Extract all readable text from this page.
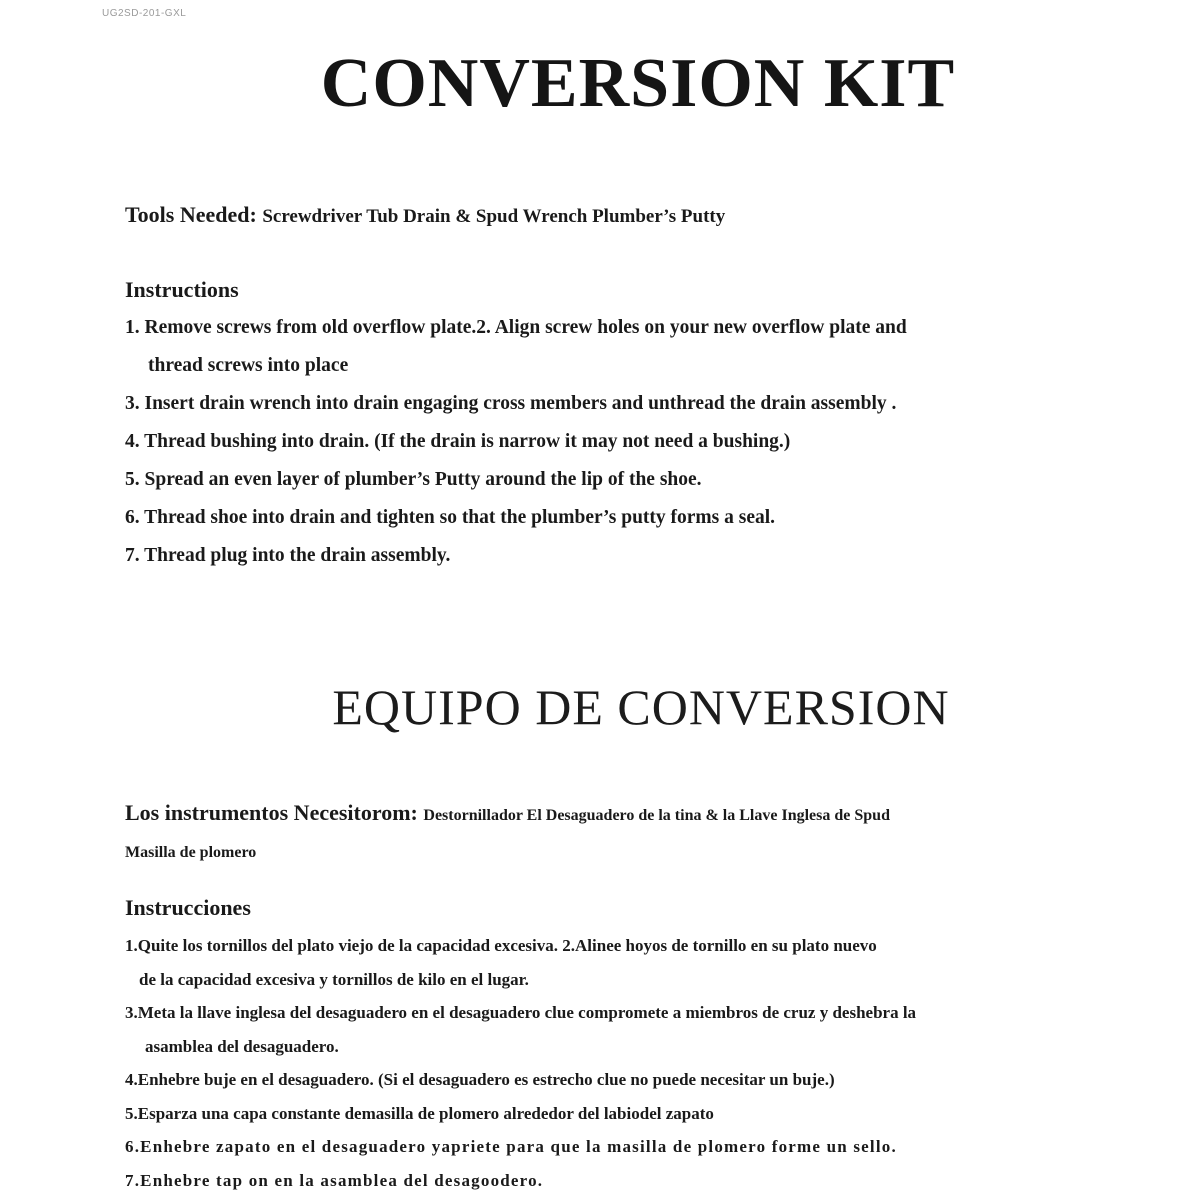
UG2SD-201-GXL
CONVERSION KIT
Tools Needed: Screwdriver Tub Drain & Spud Wrench Plumber’s Putty
Instructions
1. Remove screws from old overflow plate.2. Align screw holes on your new overflow plate and
thread screws into place
3. Insert drain wrench into drain engaging cross members and unthread the drain assembly .
4. Thread bushing into drain. (If the drain is narrow it may not need a bushing.)
5. Spread an even layer of plumber’s Putty around the lip of the shoe.
6. Thread shoe into drain and tighten so that the plumber’s putty forms a seal.
7. Thread plug into the drain assembly.
EQUIPO DE CONVERSION
Los instrumentos Necesitorom: Destornillador El Desaguadero de la tina & la Llave Inglesa de Spud
Masilla de plomero
Instrucciones
1.Quite los tornillos del plato viejo de la capacidad excesiva. 2.Alinee hoyos de tornillo en su plato nuevo
de la capacidad excesiva y tornillos de kilo en el lugar.
3.Meta la llave inglesa del desaguadero en el desaguadero clue compromete a miembros de cruz y deshebra la
asamblea del desaguadero.
4.Enhebre buje en el desaguadero. (Si el desaguadero es estrecho clue no puede necesitar un buje.)
5.Esparza una capa constante demasilla de plomero alrededor del labiodel zapato
6.Enhebre zapato en el desaguadero yapriete para que la masilla de plomero forme un sello.
7.Enhebre tap on en la asamblea del desagoodero.
